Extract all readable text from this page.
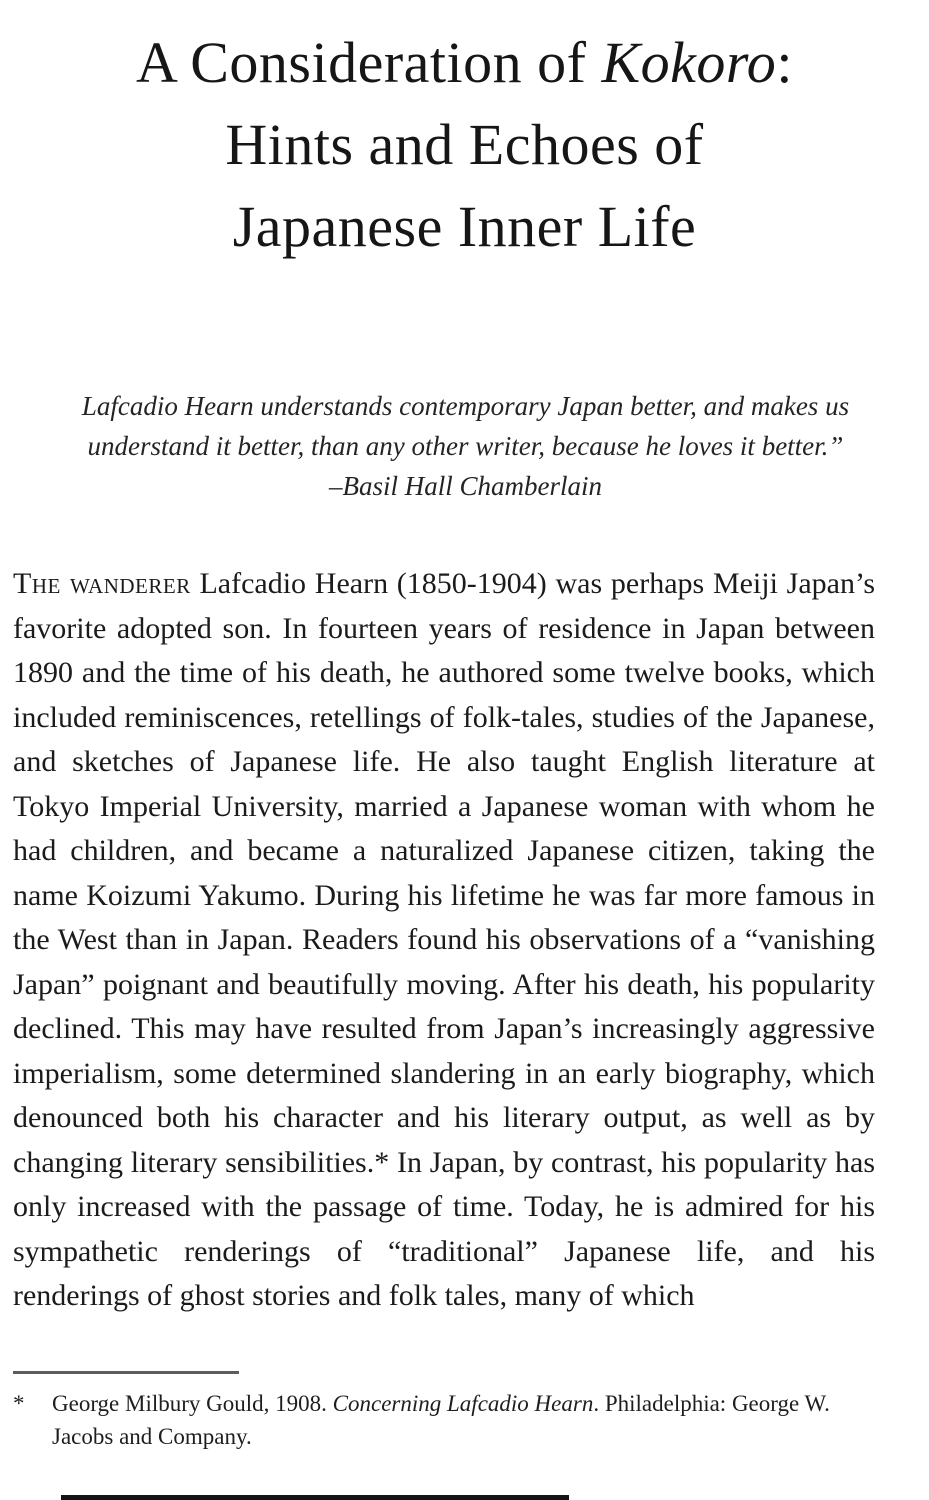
A Consideration of Kokoro:
Hints and Echoes of
Japanese Inner Life
Lafcadio Hearn understands contemporary Japan better, and makes us understand it better, than any other writer, because he loves it better.”
–Basil Hall Chamberlain

The wanderer Lafcadio Hearn (1850-1904) was perhaps Meiji Japan’s favorite adopted son. In fourteen years of residence in Japan between 1890 and the time of his death, he authored some twelve books, which included reminiscences, retellings of folk-tales, studies of the Japanese, and sketches of Japanese life. He also taught English literature at Tokyo Imperial University, married a Japanese woman with whom he had children, and became a naturalized Japanese citizen, taking the name Koizumi Yakumo. During his lifetime he was far more famous in the West than in Japan. Readers found his observations of a “vanishing Japan” poignant and beautifully moving. After his death, his popularity declined. This may have resulted from Japan’s increasingly aggressive imperialism, some determined slandering in an early biography, which denounced both his character and his literary output, as well as by changing literary sensibilities.* In Japan, by contrast, his popularity has only increased with the passage of time. Today, he is admired for his sympathetic renderings of “traditional” Japanese life, and his renderings of ghost stories and folk tales, many of which

* George Milbury Gould, 1908. Concerning Lafcadio Hearn. Philadelphia: George W. Jacobs and Company.
